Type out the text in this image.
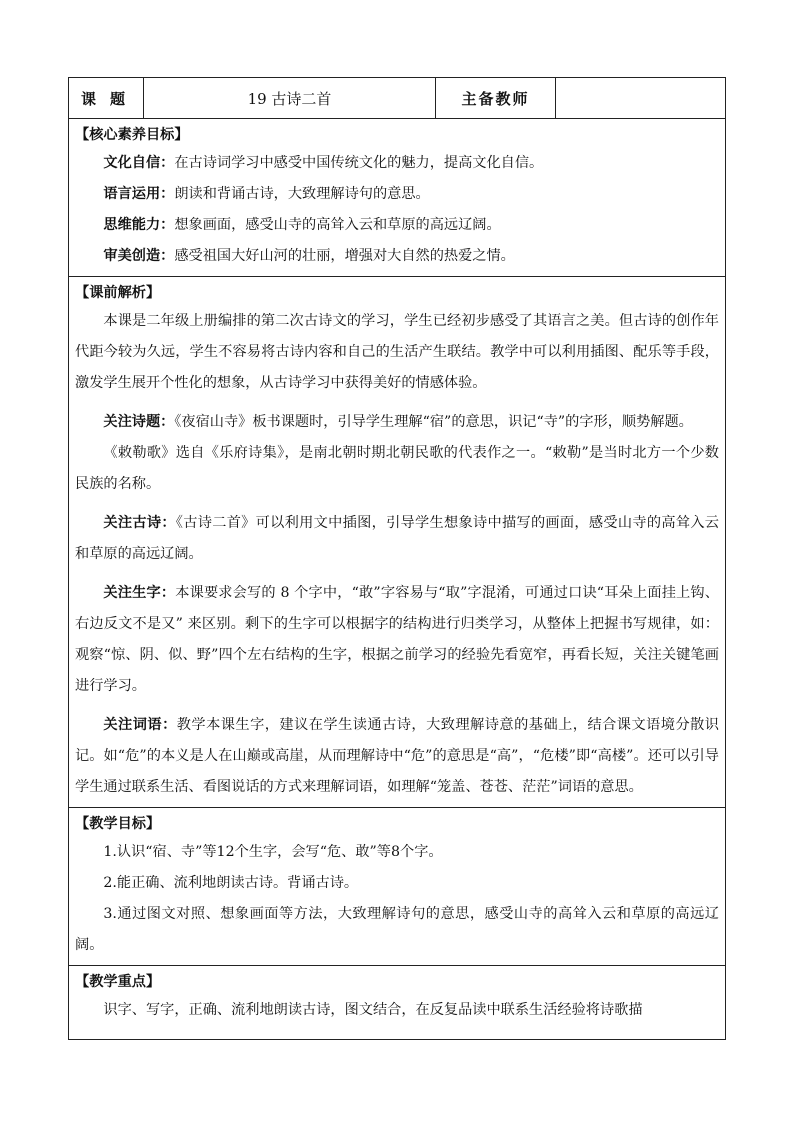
课题	19 古诗二首	主备教师	

【核心素养目标】

文化自信：在古诗词学习中感受中国传统文化的魅力，提高文化自信。

语言运用：朗读和背诵古诗，大致理解诗句的意思。

思维能力：想象画面，感受山寺的高耸入云和草原的高远辽阔。

审美创造：感受祖国大好山河的壮丽，增强对大自然的热爱之情。

【课前解析】

本课是二年级上册编排的第二次古诗文的学习，学生已经初步感受了其语言之美。但古诗的创作年代距今较为久远，学生不容易将古诗内容和自己的生活产生联结。教学中可以利用插图、配乐等手段，激发学生展开个性化的想象，从古诗学习中获得美好的情感体验。

关注诗题：《夜宿山寺》板书课题时，引导学生理解“宿”的意思，识记“寺”的字形，顺势解题。

《敕勒歌》选自《乐府诗集》，是南北朝时期北朝民歌的代表作之一。“敕勒”是当时北方一个少数民族的名称。

关注古诗：《古诗二首》可以利用文中插图，引导学生想象诗中描写的画面，感受山寺的高耸入云和草原的高远辽阔。

关注生字：本课要求会写的 8 个字中，“敢”字容易与“取”字混淆，可通过口诀“耳朵上面挂上钩、右边反文不是又” 来区别。剩下的生字可以根据字的结构进行归类学习，从整体上把握书写规律，如：观察“惊、阴、似、野”四个左右结构的生字，根据之前学习的经验先看宽窄，再看长短，关注关键笔画进行学习。

关注词语：教学本课生字，建议在学生读通古诗，大致理解诗意的基础上，结合课文语境分散识记。如“危”的本义是人在山巅或高崖，从而理解诗中“危”的意思是“高”，“危楼”即“高楼”。还可以引导学生通过联系生活、看图说话的方式来理解词语，如理解“笼盖、苍苍、茫茫”词语的意思。

【教学目标】

1.认识“宿、寺”等12个生字，会写“危、敢”等8个字。

2.能正确、流利地朗读古诗。背诵古诗。

3.通过图文对照、想象画面等方法，大致理解诗句的意思，感受山寺的高耸入云和草原的高远辽阔。

【教学重点】

识字、写字，正确、流利地朗读古诗，图文结合，在反复品读中联系生活经验将诗歌描
